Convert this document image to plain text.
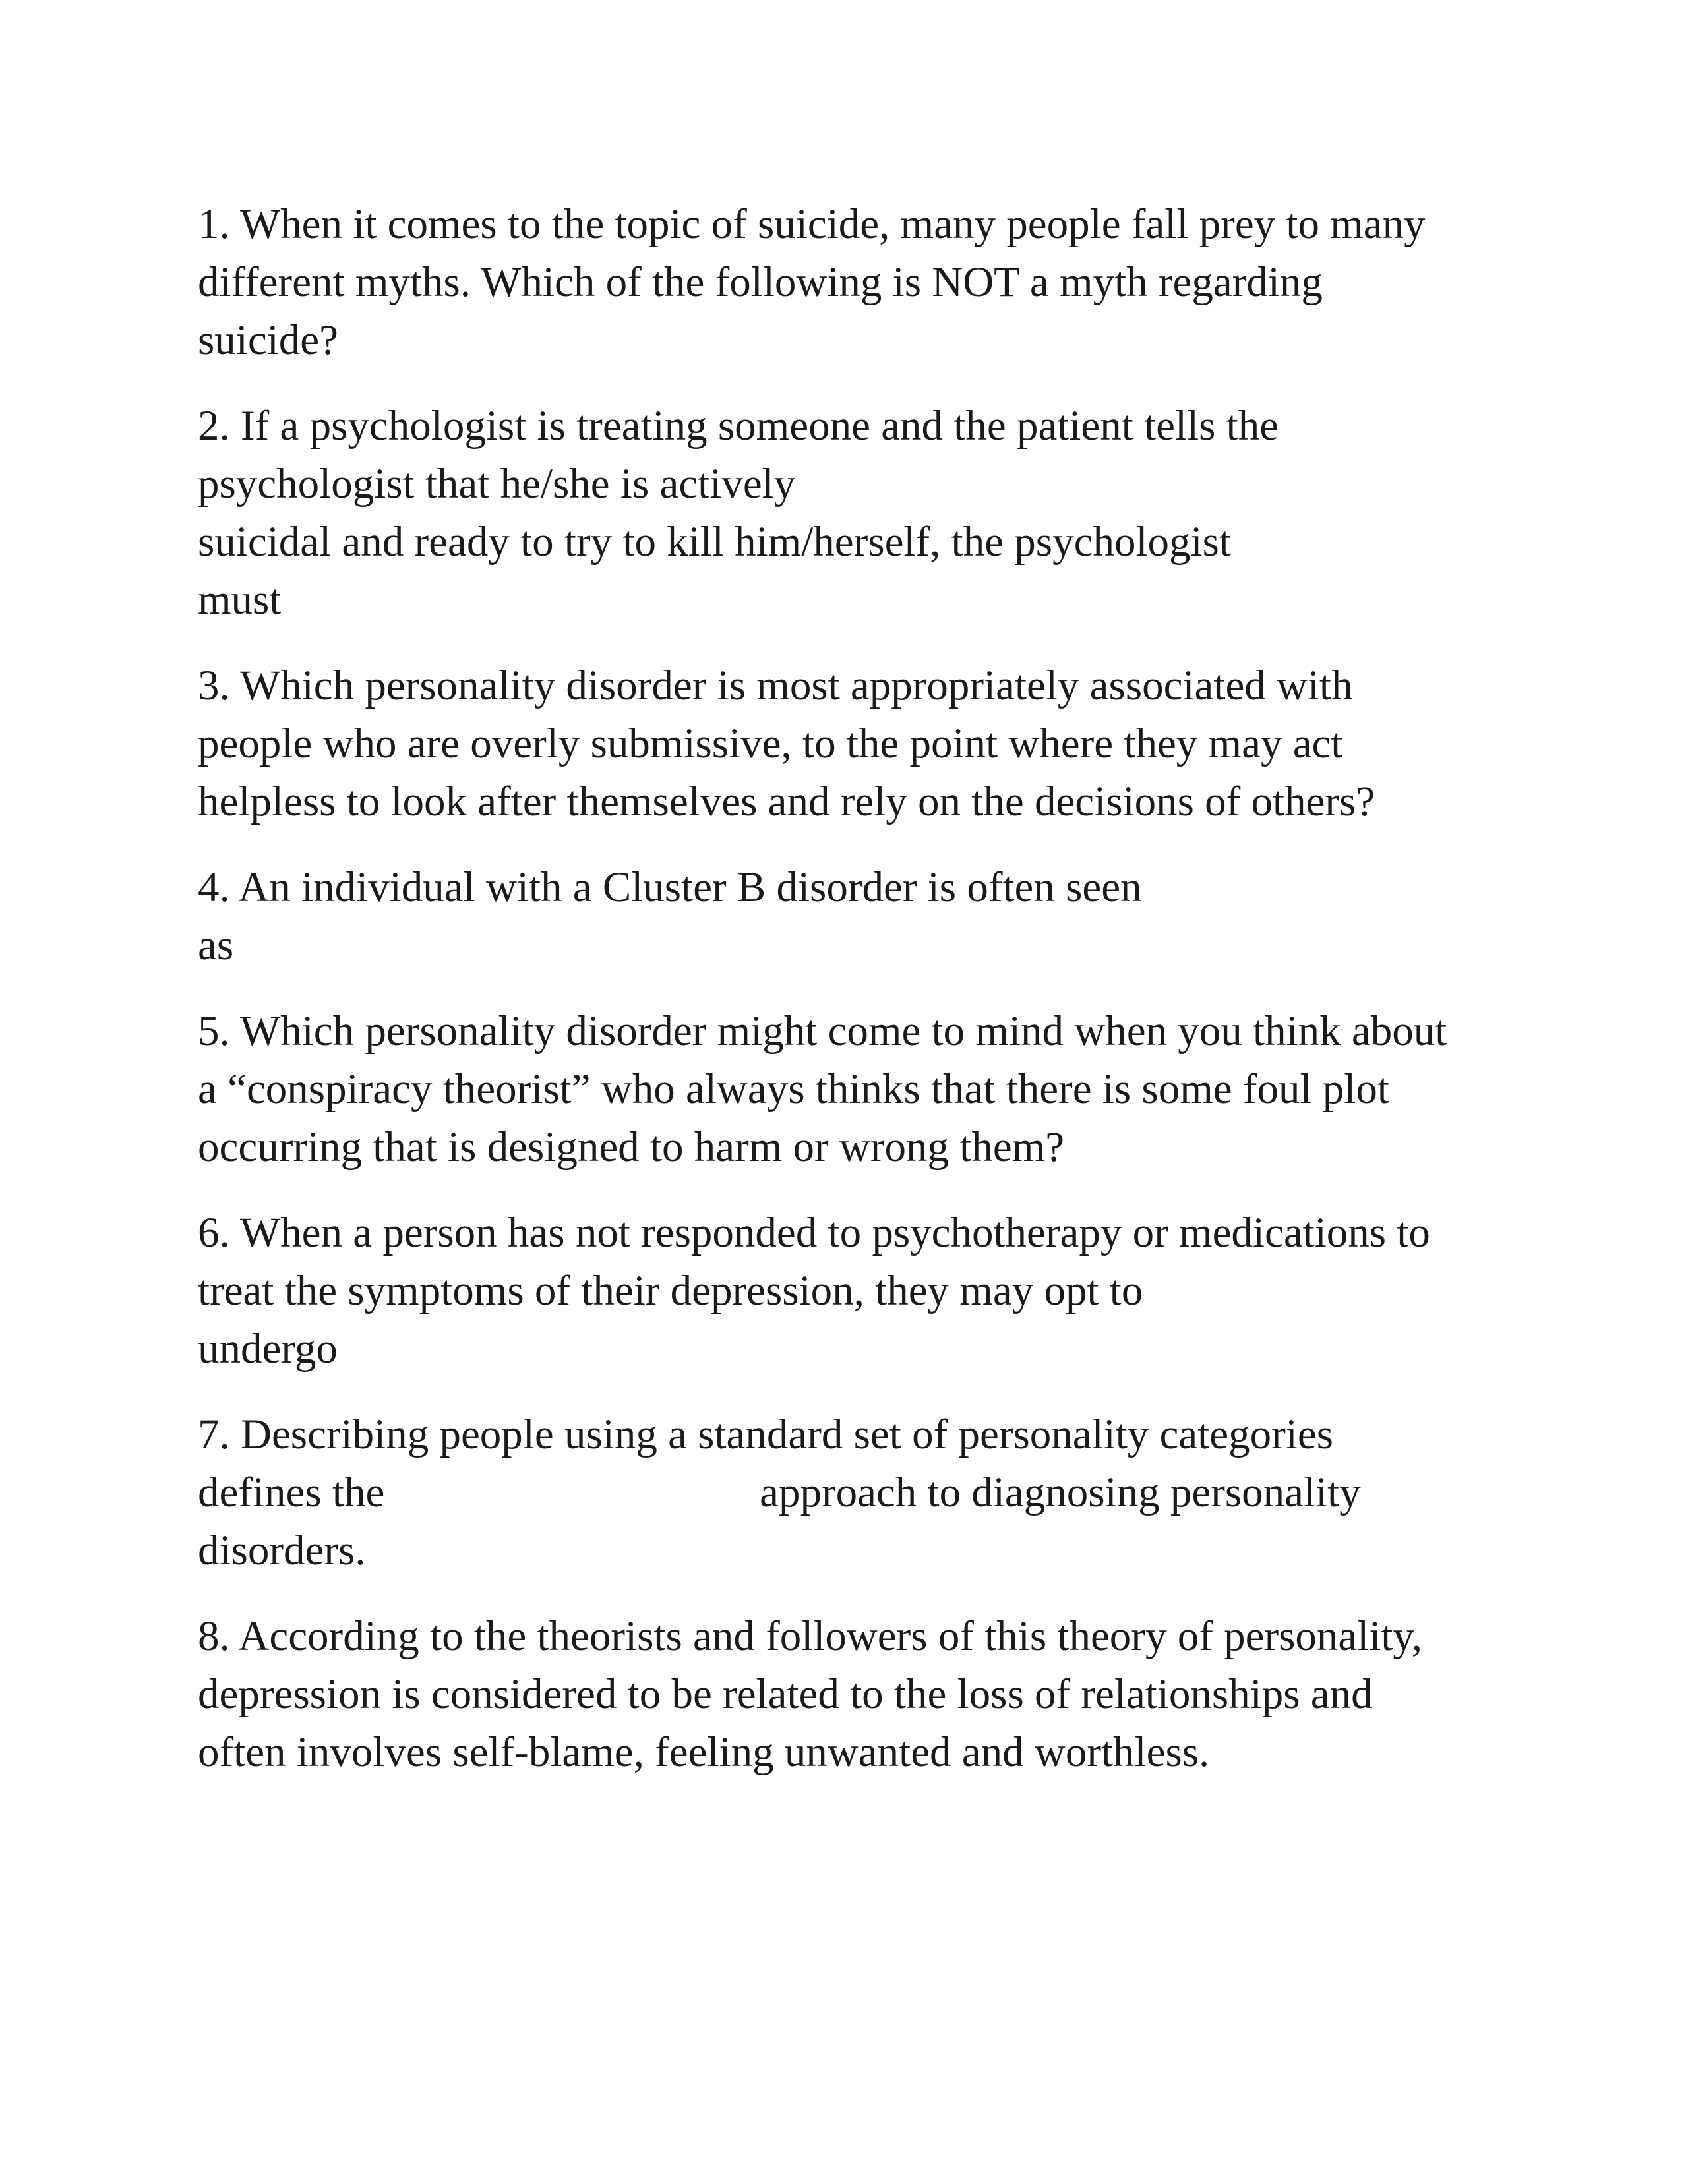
1. When it comes to the topic of suicide, many people fall prey to many
different myths. Which of the following is NOT a myth regarding
suicide?
2. If a psychologist is treating someone and the patient tells the
psychologist that he/she is actively
suicidal and ready to try to kill him/herself, the psychologist
must
3. Which personality disorder is most appropriately associated with
people who are overly submissive, to the point where they may act
helpless to look after themselves and rely on the decisions of others?
4. An individual with a Cluster B disorder is often seen
as
5. Which personality disorder might come to mind when you think about
a “conspiracy theorist” who always thinks that there is some foul plot
occurring that is designed to harm or wrong them?
6. When a person has not responded to psychotherapy or medications to
treat the symptoms of their depression, they may opt to
undergo
7. Describing people using a standard set of personality categories
defines the                                   approach to diagnosing personality
disorders.
8. According to the theorists and followers of this theory of personality,
depression is considered to be related to the loss of relationships and
often involves self-blame, feeling unwanted and worthless.
